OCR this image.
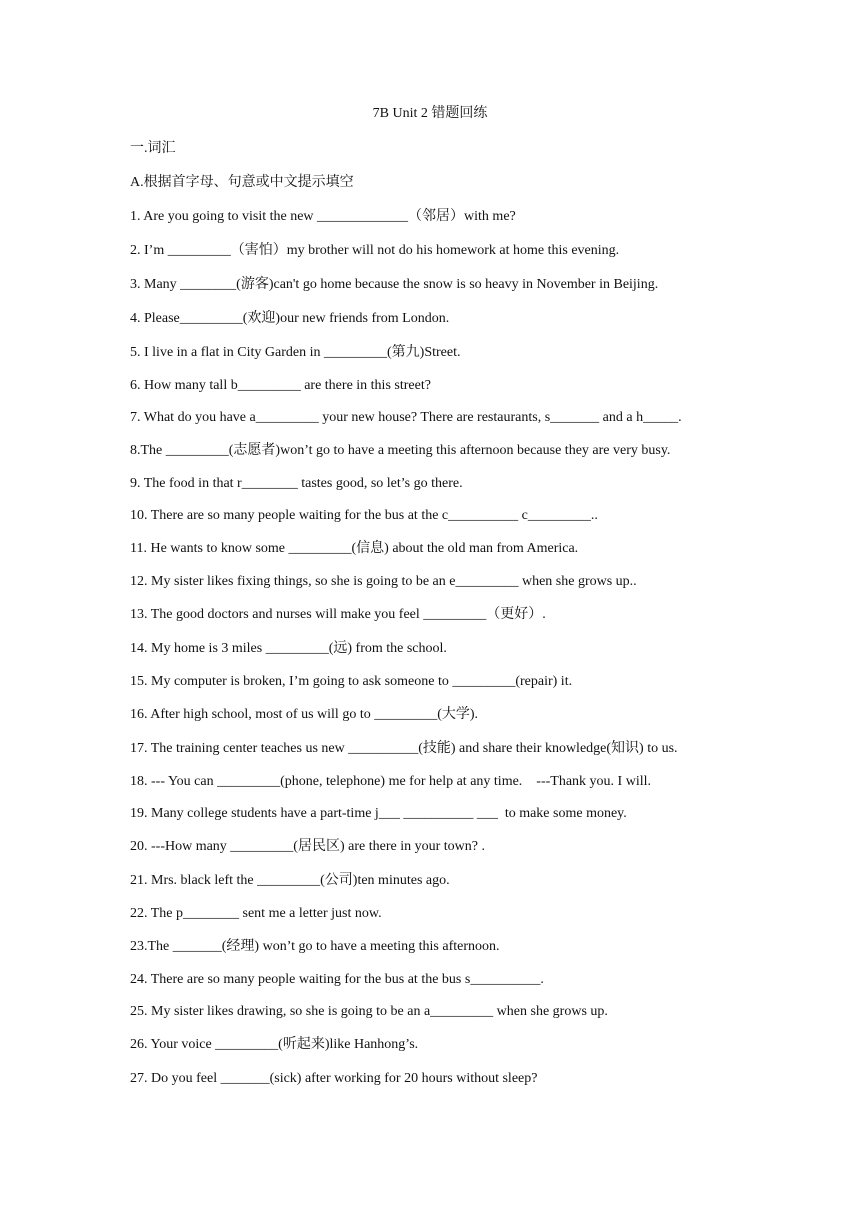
7B Unit 2 错题回练
一.词汇
A.根据首字母、句意或中文提示填空
1. Are you going to visit the new _____________（邻居）with me?
2. I’m _________（害怕）my brother will not do his homework at home this evening.
3. Many ________(游客)can't go home because the snow is so heavy in November in Beijing.
4. Please_________(欢迎)our new friends from London.
5. I live in a flat in City Garden in _________(第九)Street.
6. How many tall b_________ are there in this street?
7. What do you have a_________ your new house? There are restaurants, s_______ and a h_____.
8.The _________(志愿者)won’t go to have a meeting this afternoon because they are very busy.
9. The food in that r________ tastes good, so let’s go there.
10. There are so many people waiting for the bus at the c__________ c_________..
11. He wants to know some _________(信息) about the old man from America.
12. My sister likes fixing things, so she is going to be an e_________ when she grows up..
13. The good doctors and nurses will make you feel _________（更好）.
14. My home is 3 miles _________(远) from the school.
15. My computer is broken, I’m going to ask someone to _________(repair) it.
16. After high school, most of us will go to _________(大学).
17. The training center teaches us new __________(技能) and share their knowledge(知识) to us.
18. --- You can _________(phone, telephone) me for help at any time.    ---Thank you. I will.
19. Many college students have a part-time j___ __________ ___  to make some money.
20. ---How many _________(居民区) are there in your town? .
21. Mrs. black left the _________(公司)ten minutes ago.
22. The p________ sent me a letter just now.
23.The _______(经理) won’t go to have a meeting this afternoon.
24. There are so many people waiting for the bus at the bus s__________.
25. My sister likes drawing, so she is going to be an a_________ when she grows up.
26. Your voice _________(听起来)like Hanhong’s.
27. Do you feel _______(sick) after working for 20 hours without sleep?
